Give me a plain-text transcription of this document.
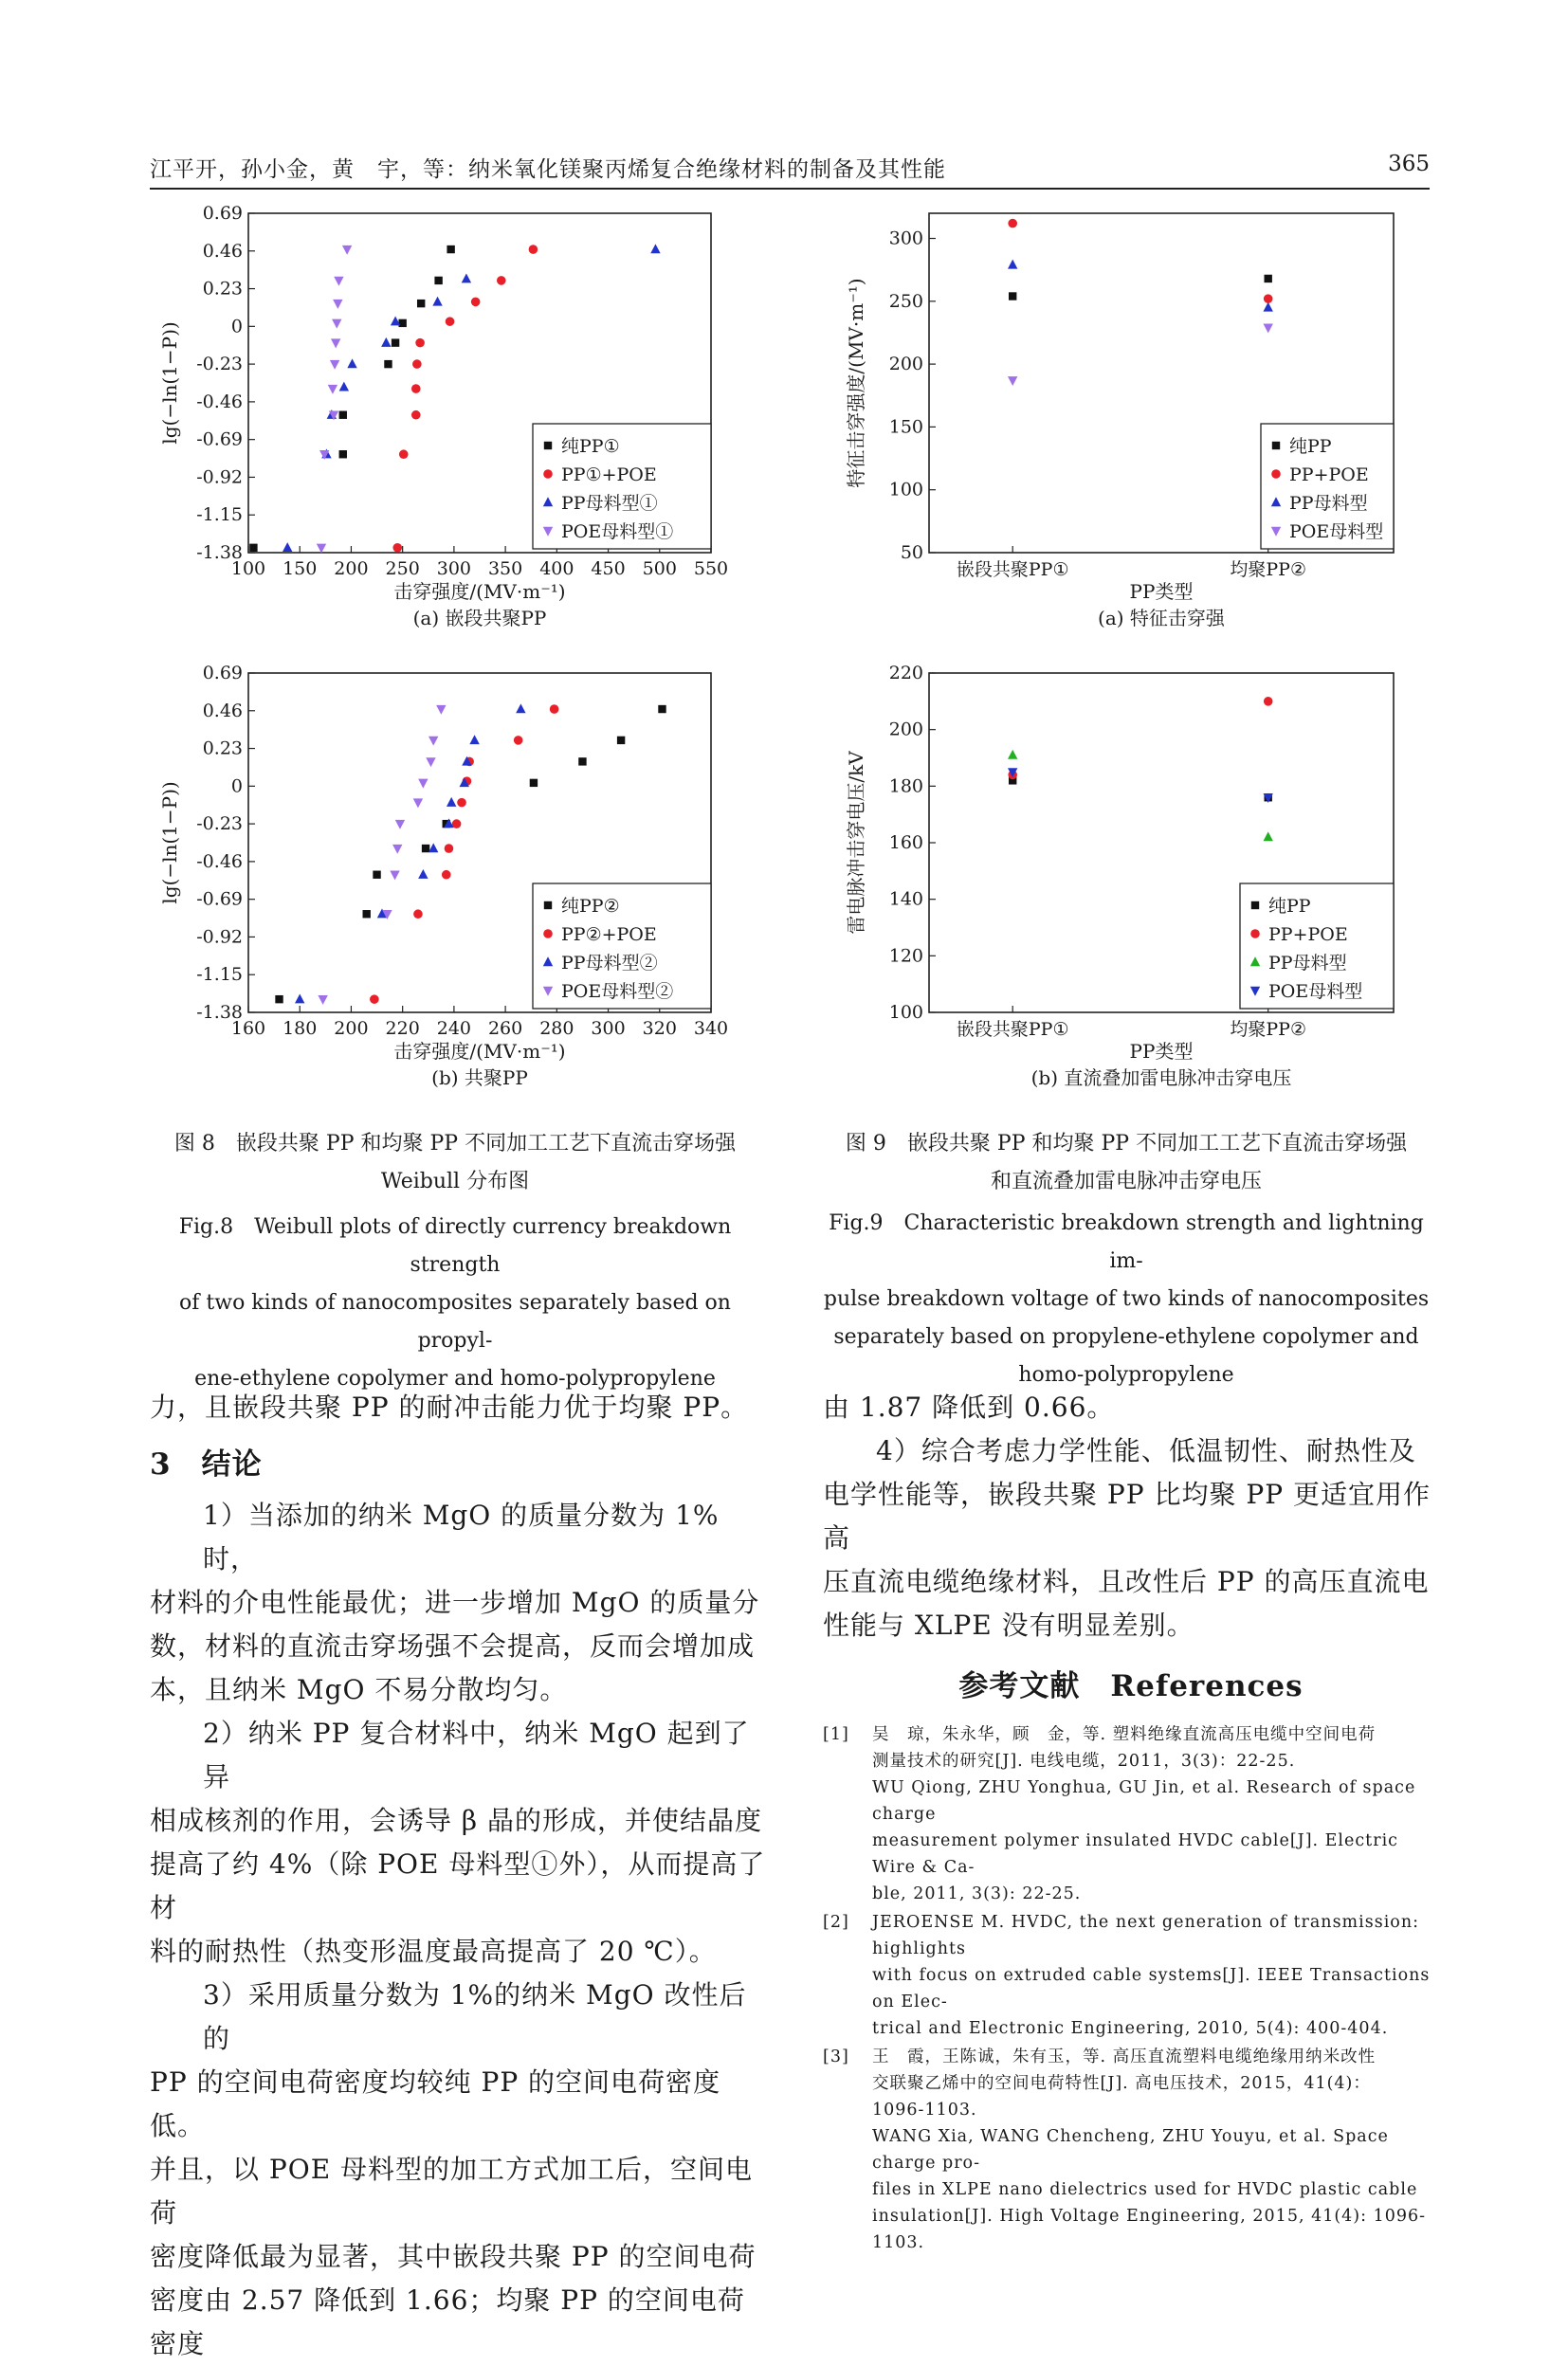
江平开，孙小金，黄　宇，等：纳米氧化镁聚丙烯复合绝缘材料的制备及其性能	365
0.69
0.46
0.23
0
-0.23
-0.46
-0.69
-0.92
-1.15
-1.38
100 150 200 250 300 350 400 450 500 550
击穿强度/(MV·m⁻¹)
(a) 嵌段共聚PP
lg(−ln(1−P))
纯PP①
PP①+POE
PP母料型①
POE母料型①
0.69
0.46
0.23
0
-0.23
-0.46
-0.69
-0.92
-1.15
-1.38
160 180 200 220 240 260 280 300 320 340
击穿强度/(MV·m⁻¹)
(b) 共聚PP
lg(−ln(1−P))
纯PP②
PP②+POE
PP母料型②
POE母料型②
50
100
150
200
250
300
嵌段共聚PP①	均聚PP②
PP类型
(a) 特征击穿强
特征击穿强度/(MV·m⁻¹)	纯PP
PP+POE
PP母料型
POE母料型
100
120
140
160
180
200
220
嵌段共聚PP①	均聚PP②
PP类型
(b) 直流叠加雷电脉冲击穿电压
雷电脉冲击穿电压/kV	纯PP
PP+POE
PP母料型
POE母料型
图 8　嵌段共聚 PP 和均聚 PP 不同加工工艺下直流击穿场强
Weibull 分布图
Fig.8　Weibull plots of directly currency breakdown strength
of two kinds of nanocomposites separately based on propyl-
ene-ethylene copolymer and homo-polypropylene
图 9　嵌段共聚 PP 和均聚 PP 不同加工工艺下直流击穿场强
和直流叠加雷电脉冲击穿电压
Fig.9　Characteristic breakdown strength and lightning im-
pulse breakdown voltage of two kinds of nanocomposites
separately based on propylene-ethylene copolymer and
homo-polypropylene

力，且嵌段共聚 PP 的耐冲击能力优于均聚 PP。

3　结论

1）当添加的纳米 MgO 的质量分数为 1%时，
材料的介电性能最优；进一步增加 MgO 的质量分
数，材料的直流击穿场强不会提高，反而会增加成
本，且纳米 MgO 不易分散均匀。

2）纳米 PP 复合材料中，纳米 MgO 起到了异
相成核剂的作用，会诱导 β 晶的形成，并使结晶度
提高了约 4%（除 POE 母料型①外），从而提高了材
料的耐热性（热变形温度最高提高了 20 ℃）。

3）采用质量分数为 1%的纳米 MgO 改性后的
PP 的空间电荷密度均较纯 PP 的空间电荷密度低。
并且，以 POE 母料型的加工方式加工后，空间电荷
密度降低最为显著，其中嵌段共聚 PP 的空间电荷
密度由 2.57 降低到 1.66；均聚 PP 的空间电荷密度

由 1.87 降低到 0.66。

4）综合考虑力学性能、低温韧性、耐热性及
电学性能等，嵌段共聚 PP 比均聚 PP 更适宜用作高
压直流电缆绝缘材料，且改性后 PP 的高压直流电
性能与 XLPE 没有明显差别。

参考文献　References

[1] 吴　琼，朱永华，顾　金，等. 塑料绝缘直流高压电缆中空间电荷
测量技术的研究[J]. 电线电缆，2011，3(3)：22-25.
WU Qiong, ZHU Yonghua, GU Jin, et al. Research of space charge
measurement polymer insulated HVDC cable[J]. Electric Wire & Ca-
ble, 2011, 3(3): 22-25.
[2] JEROENSE M. HVDC, the next generation of transmission: highlights
with focus on extruded cable systems[J]. IEEE Transactions on Elec-
trical and Electronic Engineering, 2010, 5(4): 400-404.
[3] 王　霞，王陈诚，朱有玉，等. 高压直流塑料电缆绝缘用纳米改性
交联聚乙烯中的空间电荷特性[J]. 高电压技术，2015，41(4)：
1096-1103.
WANG Xia, WANG Chencheng, ZHU Youyu, et al. Space charge pro-
files in XLPE nano dielectrics used for HVDC plastic cable
insulation[J]. High Voltage Engineering, 2015, 41(4): 1096-1103.
